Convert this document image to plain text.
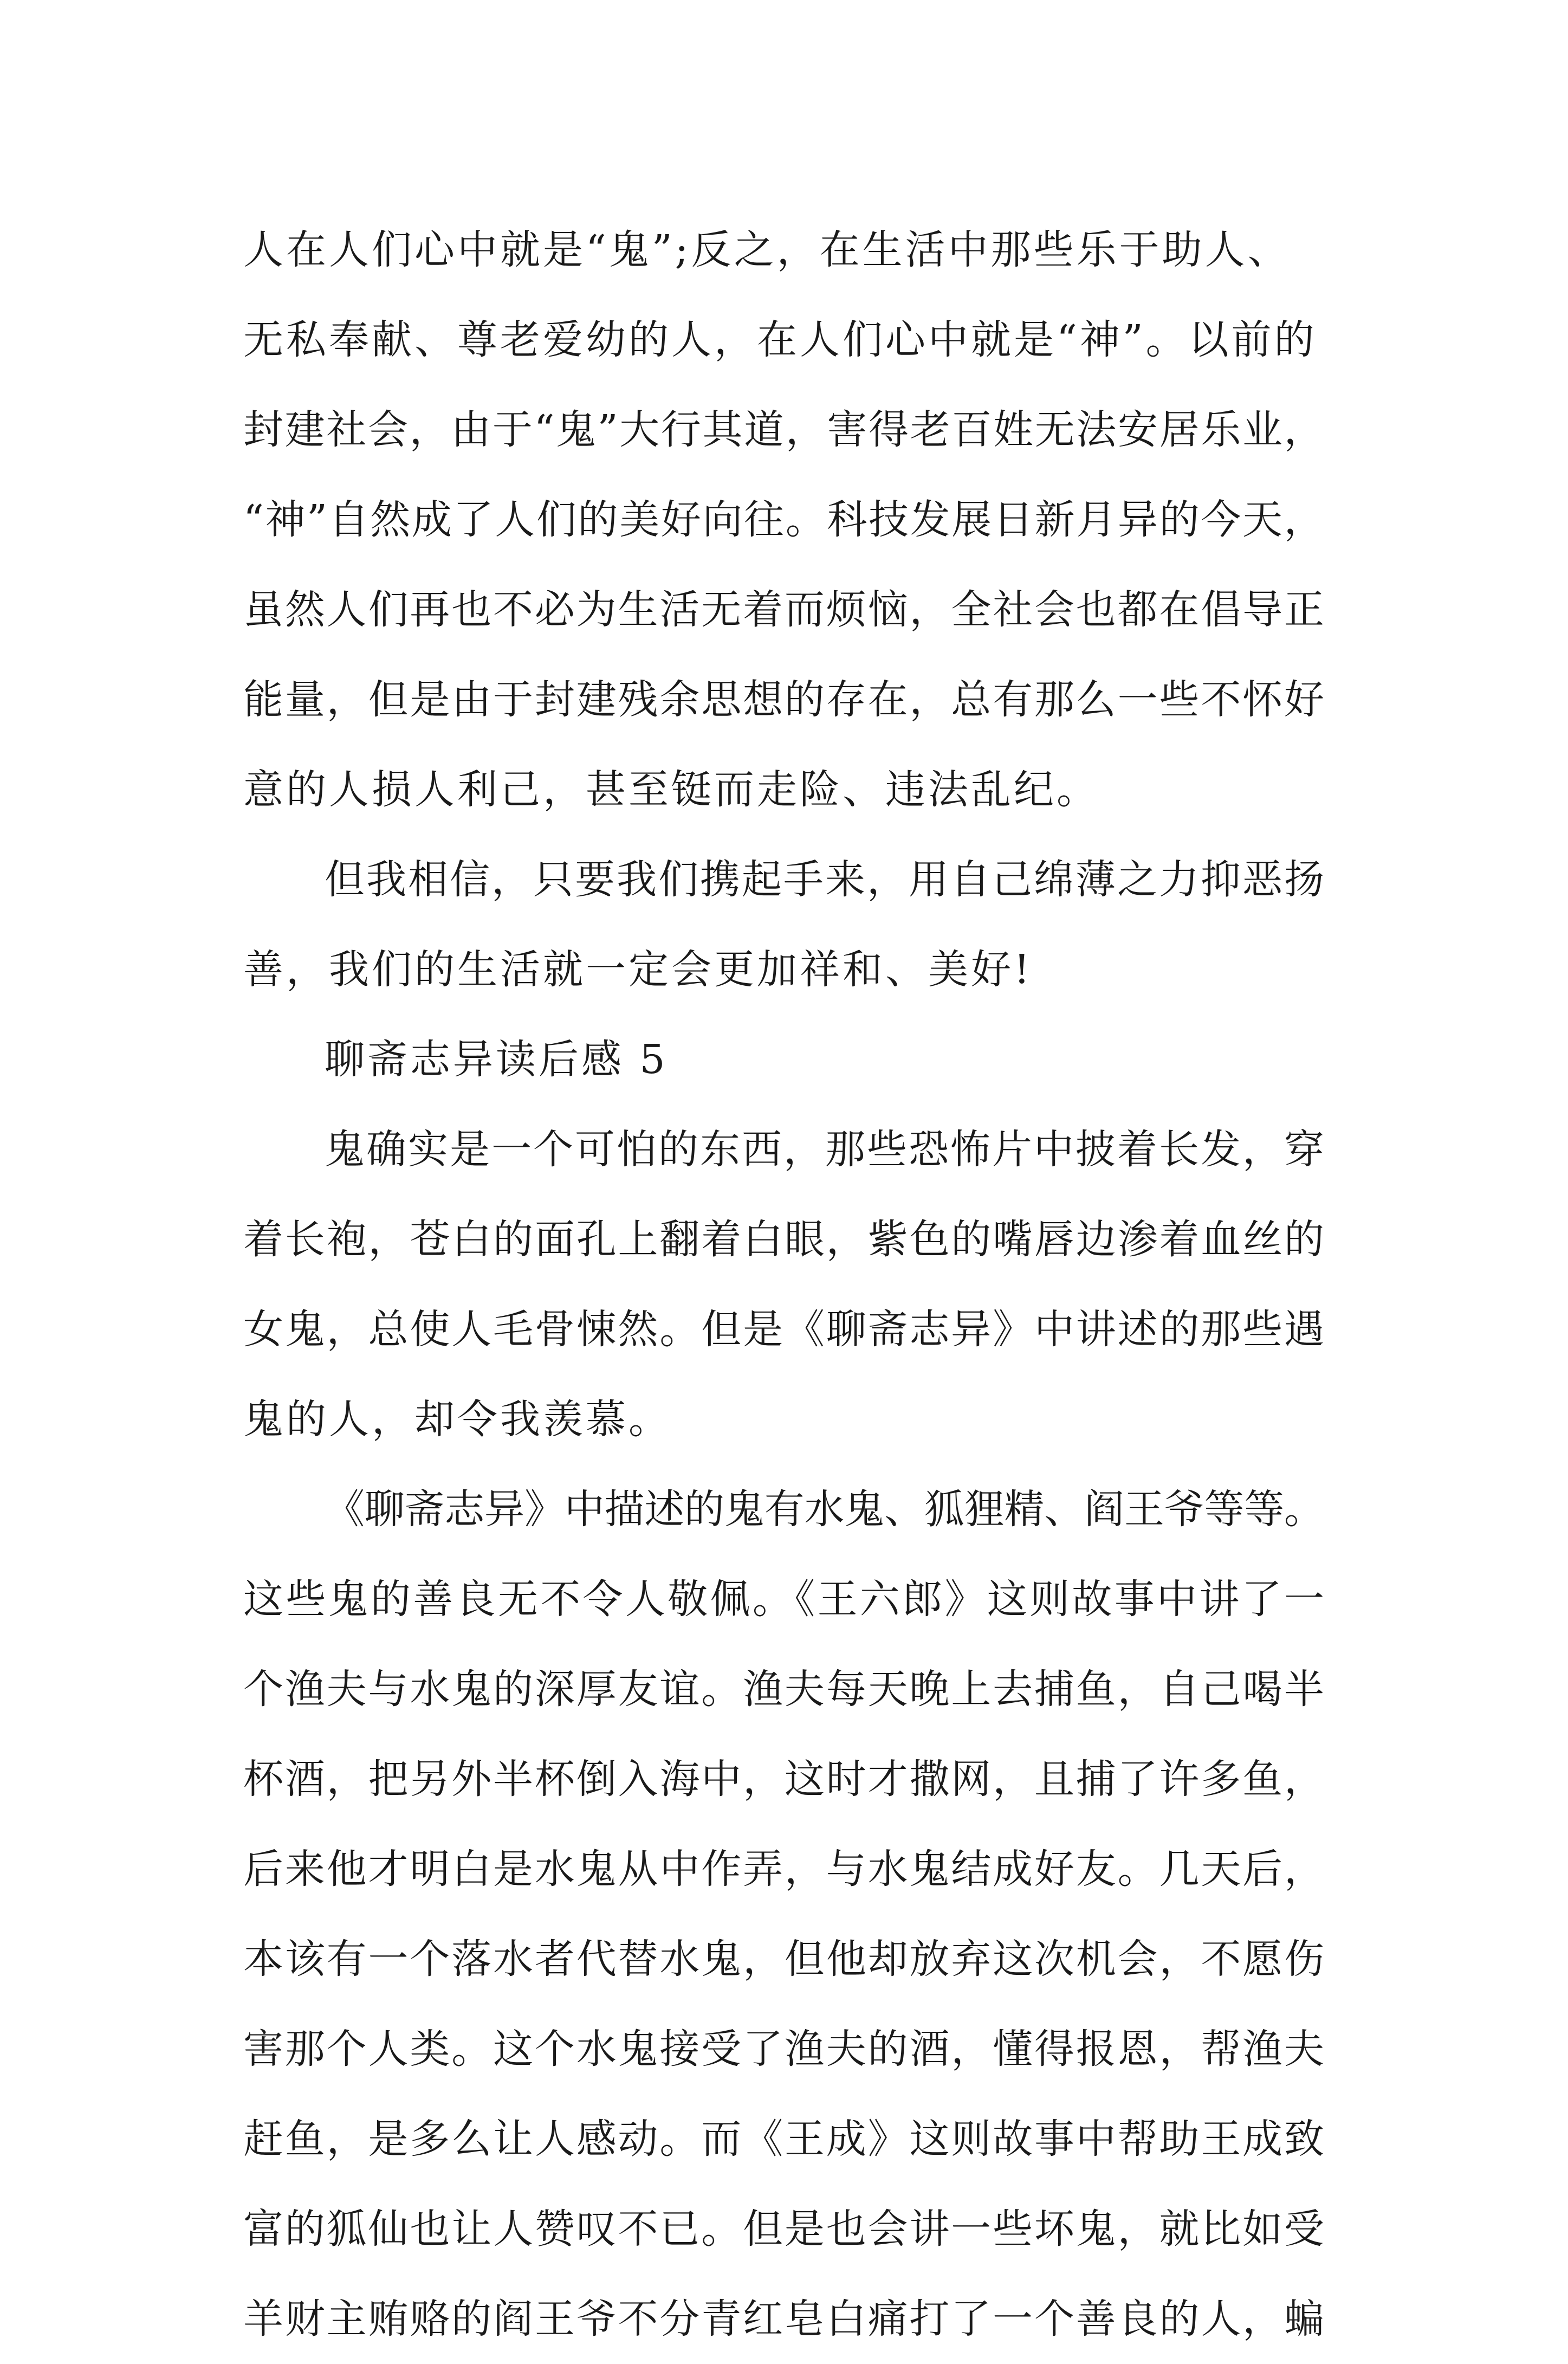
人在人们心中就是“鬼”;反之，在生活中那些乐于助人、
无私奉献、尊老爱幼的人，在人们心中就是“神”。以前的
封建社会，由于“鬼”大行其道，害得老百姓无法安居乐业，
“神”自然成了人们的美好向往。科技发展日新月异的今天，
虽然人们再也不必为生活无着而烦恼，全社会也都在倡导正
能量，但是由于封建残余思想的存在，总有那么一些不怀好
意的人损人利己，甚至铤而走险、违法乱纪。
但我相信，只要我们携起手来，用自己绵薄之力抑恶扬
善，我们的生活就一定会更加祥和、美好!
聊斋志异读后感 5
鬼确实是一个可怕的东西，那些恐怖片中披着长发，穿
着长袍，苍白的面孔上翻着白眼，紫色的嘴唇边渗着血丝的
女鬼，总使人毛骨悚然。但是《聊斋志异》中讲述的那些遇
鬼的人，却令我羡慕。
《聊斋志异》中描述的鬼有水鬼、狐狸精、阎王爷等等。
这些鬼的善良无不令人敬佩。《王六郎》这则故事中讲了一
个渔夫与水鬼的深厚友谊。渔夫每天晚上去捕鱼，自己喝半
杯酒，把另外半杯倒入海中，这时才撒网，且捕了许多鱼，
后来他才明白是水鬼从中作弄，与水鬼结成好友。几天后，
本该有一个落水者代替水鬼，但他却放弃这次机会，不愿伤
害那个人类。这个水鬼接受了渔夫的酒，懂得报恩，帮渔夫
赶鱼，是多么让人感动。而《王成》这则故事中帮助王成致
富的狐仙也让人赞叹不已。但是也会讲一些坏鬼，就比如受
羊财主贿赂的阎王爷不分青红皂白痛打了一个善良的人，蝙
